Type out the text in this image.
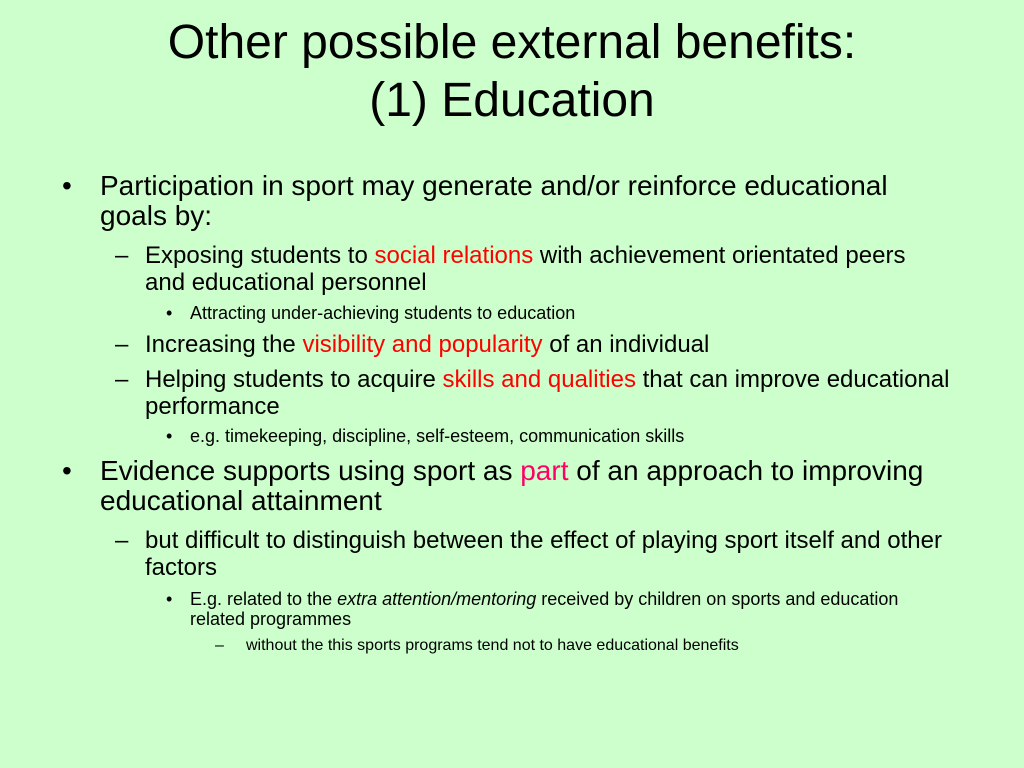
Other possible external benefits:
(1) Education
•	Participation in sport may generate and/or reinforce educational goals by:
– Exposing students to social relations with achievement orientated peers and educational personnel
• Attracting under-achieving students to education
– Increasing the visibility and popularity of an individual
– Helping students to acquire skills and qualities that can improve educational performance
• e.g. timekeeping, discipline, self-esteem, communication skills
•	Evidence supports using sport as part of an approach to improving educational attainment
– but difficult to distinguish between the effect of playing sport itself and other factors
• E.g. related to the extra attention/mentoring received by children on sports and education related programmes
–	without the this sports programs tend not to have educational benefits
